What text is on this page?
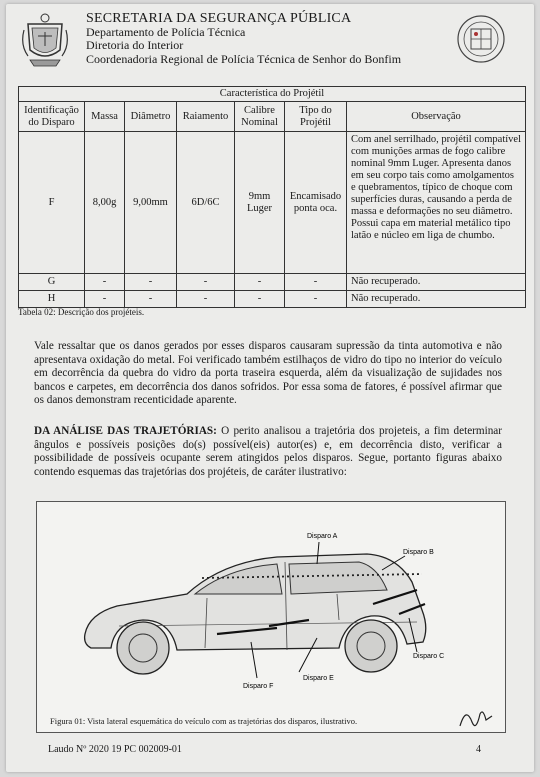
SECRETARIA DA SEGURANÇA PÚBLICA
Departamento de Polícia Técnica
Diretoria do Interior
Coordenadoria Regional de Polícia Técnica de Senhor do Bonfim
Característica do Projétil						
Identificação do Disparo	Massa	Diâmetro	Raiamento	Calibre Nominal	Tipo do Projétil	Observação
F	8,00g	9,00mm	6D/6C	9mm Luger	Encamisado ponta oca.	Com anel serrilhado, projétil compatível com munições armas de fogo calibre nominal 9mm Luger. Apresenta danos em seu corpo tais como amolgamentos e quebramentos, típico de choque com superfícies duras, causando a perda de massa e deformações no seu diâmetro. Possui capa em material metálico tipo latão e núcleo em liga de chumbo.
G	-	-	-	-	-	Não recuperado.
H	-	-	-	-	-	Não recuperado.
Tabela 02: Descrição dos projéteis.

Vale ressaltar que os danos gerados por esses disparos causaram supressão da tinta automotiva e não apresentava oxidação do metal. Foi verificado também estilhaços de vidro do tipo no interior do veículo em decorrência da quebra do vidro da porta traseira esquerda, além da visualização de sujidades nos bancos e carpetes, em decorrência dos danos sofridos. Por essa soma de fatores, é possível afirmar que os danos demonstram recenticidade aparente.

DA ANÁLISE DAS TRAJETÓRIAS: O perito analisou a trajetória dos projeteis, a fim determinar ângulos e possíveis posições do(s) possível(eis) autor(es) e, em decorrência disto, verificar a possibilidade de possíveis ocupante serem atingidos pelos disparos. Segue, portanto figuras abaixo contendo esquemas das trajetórias dos projéteis, de caráter ilustrativo:

Disparo A
Disparo B
Disparo C
Disparo E
Disparo F
Figura 01: Vista lateral esquemática do veículo com as trajetórias dos disparos, ilustrativo.
Laudo Nº 2020 19 PC 002009-01	4
